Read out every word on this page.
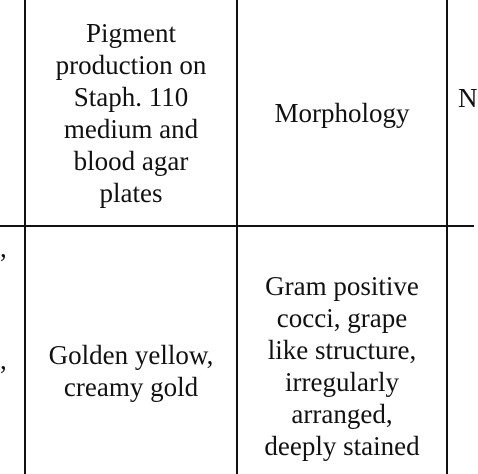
Pigment
production on
Staph. 110
medium and
blood agar
plates
Morphology N
,
, Golden yellow,
creamy gold
Gram positive
cocci, grape
like structure,
irregularly
arranged,
deeply stained
